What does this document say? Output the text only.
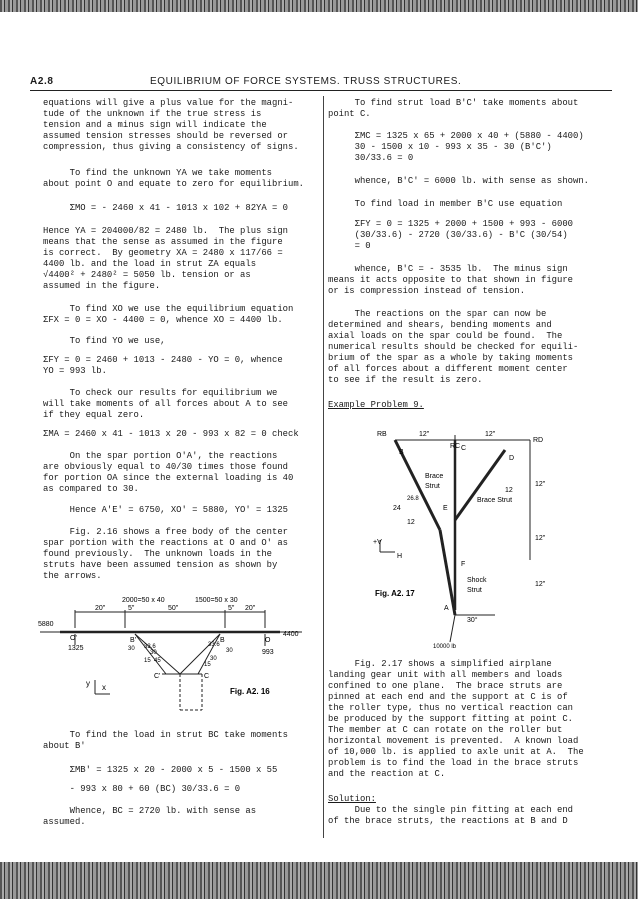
A2.8	EQUILIBRIUM OF FORCE SYSTEMS. TRUSS STRUCTURES.

equations will give a plus value for the magni-

tude of the unknown if the true stress is

tension and a minus sign will indicate the

assumed tension stresses should be reversed or

compression, thus giving a consistency of signs.

To find the unknown YA we take moments

about point O and equate to zero for equilibrium.

ΣMO = - 2460 x 41 - 1013 x 102 + 82YA = 0

Hence YA = 204000/82 = 2480 lb.  The plus sign

means that the sense as assumed in the figure

is correct.  By geometry XA = 2480 x 117/66 =

4400 lb. and the load in strut ZA equals

√4400² + 2480² = 5050 lb. tension or as

assumed in the figure.

To find XO we use the equilibrium equation

ΣFX = 0 = XO - 4400 = 0, whence XO = 4400 lb.

To find YO we use,

ΣFY = 0 = 2460 + 1013 - 2480 - YO = 0, whence

YO = 993 lb.

To check our results for equilibrium we

will take moments of all forces about A to see

if they equal zero.

ΣMA = 2460 x 41 - 1013 x 20 - 993 x 82 = 0 check

On the spar portion O'A', the reactions

are obviously equal to 40/30 times those found

for portion OA since the external loading is 40

as compared to 30.

Hence A'E' = 6750, XO' = 5880, YO' = 1325

Fig. 2.16 shows a free body of the center

spar portion with the reactions at O and O' as

found previously.  The unknown loads in the

struts have been assumed tension as shown by

the arrows.

To find the load in strut BC take moments

about B'

ΣMB' = 1325 x 20 - 2000 x 5 - 1500 x 55

- 993 x 80 + 60 (BC) 30/33.6 = 0

Whence, BC = 2720 lb. with sense as

assumed.

To find strut load B'C' take moments about

point C.

ΣMC = 1325 x 65 + 2000 x 40 + (5880 - 4400)

30 - 1500 x 10 - 993 x 35 - 30 (B'C')

30/33.6 = 0

whence, B'C' = 6000 lb. with sense as shown.

To find load in member B'C use equation

ΣFY = 0 = 1325 + 2000 + 1500 + 993 - 6000

(30/33.6) - 2720 (30/33.6) - B'C (30/54)

= 0

whence, B'C = - 3535 lb.  The minus sign

means it acts opposite to that shown in figure

or is compression instead of tension.

The reactions on the spar can now be

determined and shears, bending moments and

axial loads on the spar could be found.  The

numerical results should be checked for equili-

brium of the spar as a whole by taking moments

of all forces about a different moment center

to see if the result is zero.

Example Problem 9.

Fig. 2.17 shows a simplified airplane

landing gear unit with all members and loads

confined to one plane.  The brace struts are

pinned at each end and the support at C is of

the roller type, thus no vertical reaction can

be produced by the support fitting at point C.

The member at C can rotate on the roller but

horizontal movement is prevented.  A known load

of 10,000 lb. is applied to axle unit at A.  The

problem is to find the load in the brace struts

and the reaction at C.

Solution:

Due to the single pin fitting at each end

of the brace struts, the reactions at B and D

2000=50 x 40	1500=50 x 30
20"	5"	50"	5" 20"
5880
4400
1325
993
O'	B'	B	O
C'	C
30	30
30
30
15 45
15
y x
33.6	33.6
Fig. A2. 16
RB
RC
RD
B
C
D
12"	12"
12"
12"
12"
Brace
Strut
Brace Strut
24
12
12
E
F
A
+V
H
Shock
Strut
30°
10000 lb
26.8
Fig. A2. 17
